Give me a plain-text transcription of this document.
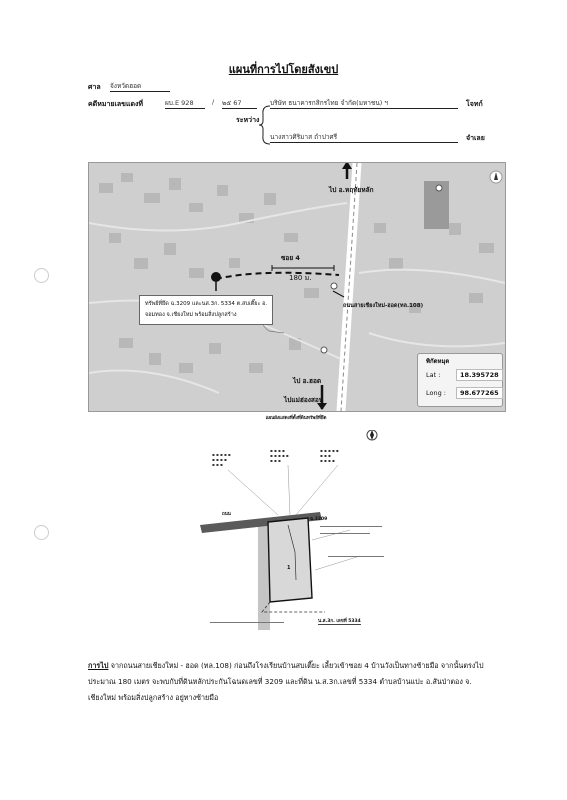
แผนที่การไปโดยสังเขป
ศาล จังหวัดฮอด
คดีหมายเลขแดงที่	ผบ.E 928	/ ๒๕ 67	บริษัท ธนาคารกสิกรไทย จำกัด(มหาชน) ฯ	โจทก์
ระหว่าง
นางสาวศิริมาส ถำปาศรี	จำเลย
ไป อ.หฤทัยหลัก
ซอย 4
180 ม.
ถนนสายเชียงใหม่-ฮอด(ทล.108)
ไป อ.ฮอด
ไปแม่ฮ่องสอน
ทรัพย์ที่ยึด ฉ.3209 และนส.3ก. 5334 ต.สบเตี๊ยะ อ.
จอมทอง จ.เชียงใหม่ พร้อมสิ่งปลูกสร้าง
พิกัดหมุด
Lat :	18.395728
Long :	98.677265
แผนผังแสดงที่ตั้งที่ดินทรัพย์ที่ยึด
▪ ▪ ▪ ▪ ▪
▪ ▪ ▪ ▪
▪ ▪ ▪
▪ ▪ ▪ ▪
▪ ▪ ▪ ▪ ▪
▪ ▪ ▪
▪ ▪ ▪ ▪ ▪
▪ ▪ ▪
▪ ▪ ▪ ▪
ฉ.3209
ถนน
1
น.ส.3ก. เลขที่ 5334
การไป จากถนนสายเชียงใหม่ - ฮอด (ทล.108) ก่อนถึงโรงเรียนบ้านสบเตี๊ยะ เลี้ยวเข้าซอย 4 บ้านวังเป็นทางซ้ายมือ จากนั้นตรงไป
ประมาณ 180 เมตร จะพบกับที่ดินหลักประกันโฉนดเลขที่ 3209 และที่ดิน น.ส.3ก.เลขที่ 5334 ตำบลบ้านแปะ อ.สันป่าตอง จ.
เชียงใหม่ พร้อมสิ่งปลูกสร้าง อยู่ทางซ้ายมือ
